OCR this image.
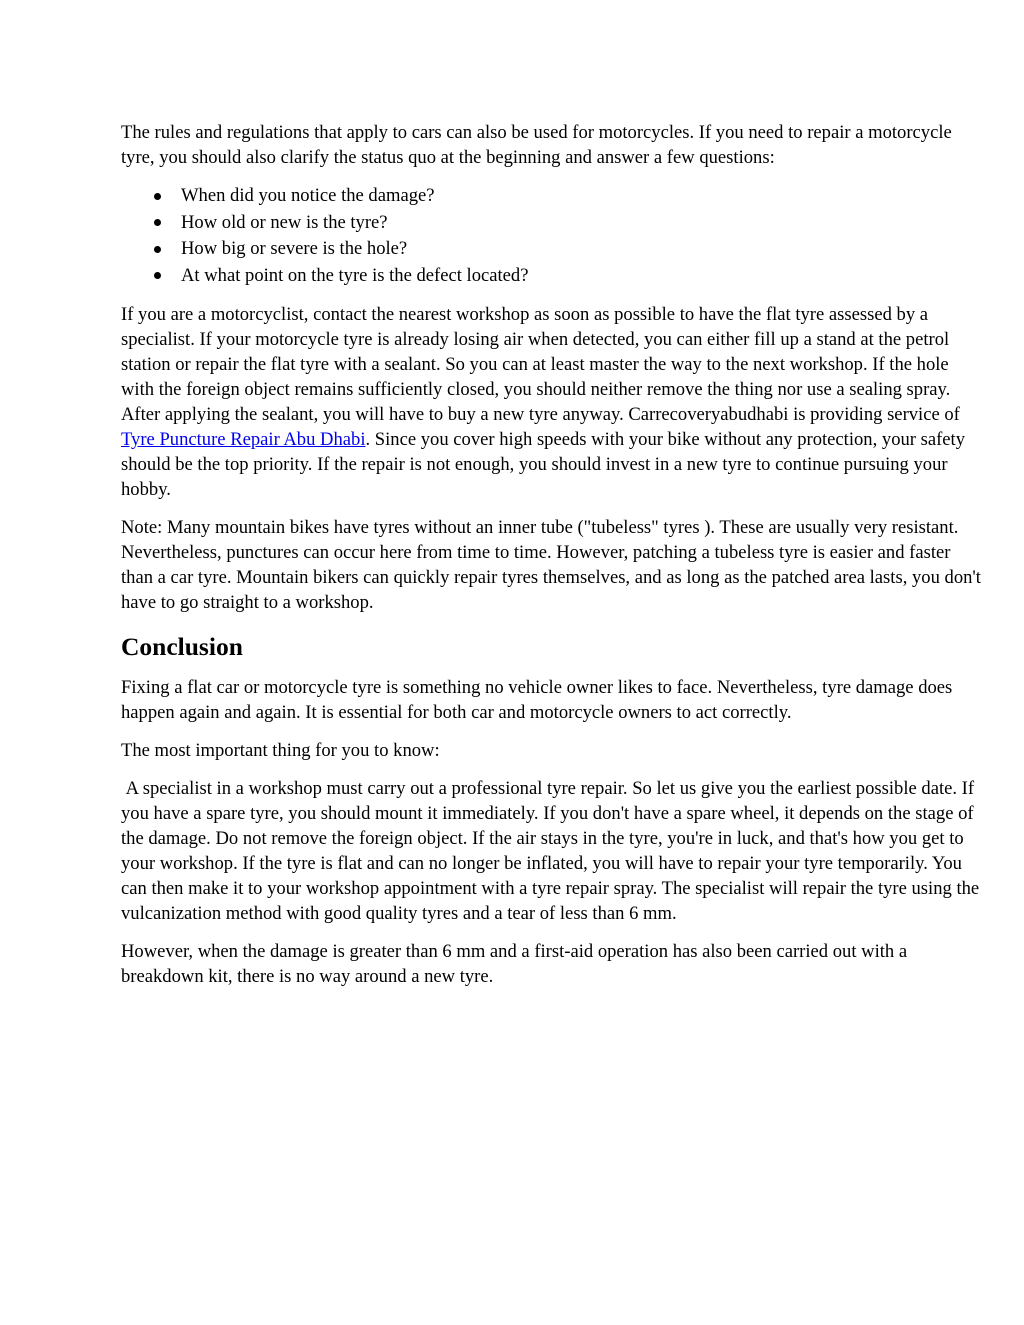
The rules and regulations that apply to cars can also be used for motorcycles. If you need to repair a motorcycle tyre, you should also clarify the status quo at the beginning and answer a few questions:

When did you notice the damage?
How old or new is the tyre?
How big or severe is the hole?
At what point on the tyre is the defect located?

If you are a motorcyclist, contact the nearest workshop as soon as possible to have the flat tyre assessed by a specialist. If your motorcycle tyre is already losing air when detected, you can either fill up a stand at the petrol station or repair the flat tyre with a sealant. So you can at least master the way to the next workshop. If the hole with the foreign object remains sufficiently closed, you should neither remove the thing nor use a sealing spray. After applying the sealant, you will have to buy a new tyre anyway. Carrecoveryabudhabi is providing service of Tyre Puncture Repair Abu Dhabi. Since you cover high speeds with your bike without any protection, your safety should be the top priority. If the repair is not enough, you should invest in a new tyre to continue pursuing your hobby.

Note: Many mountain bikes have tyres without an inner tube ("tubeless" tyres ). These are usually very resistant. Nevertheless, punctures can occur here from time to time. However, patching a tubeless tyre is easier and faster than a car tyre. Mountain bikers can quickly repair tyres themselves, and as long as the patched area lasts, you don't have to go straight to a workshop.

Conclusion

Fixing a flat car or motorcycle tyre is something no vehicle owner likes to face. Nevertheless, tyre damage does happen again and again. It is essential for both car and motorcycle owners to act correctly.

The most important thing for you to know:

A specialist in a workshop must carry out a professional tyre repair. So let us give you the earliest possible date. If you have a spare tyre, you should mount it immediately. If you don't have a spare wheel, it depends on the stage of the damage. Do not remove the foreign object. If the air stays in the tyre, you're in luck, and that's how you get to your workshop. If the tyre is flat and can no longer be inflated, you will have to repair your tyre temporarily. You can then make it to your workshop appointment with a tyre repair spray. The specialist will repair the tyre using the vulcanization method with good quality tyres and a tear of less than 6 mm.

However, when the damage is greater than 6 mm and a first-aid operation has also been carried out with a breakdown kit, there is no way around a new tyre.
